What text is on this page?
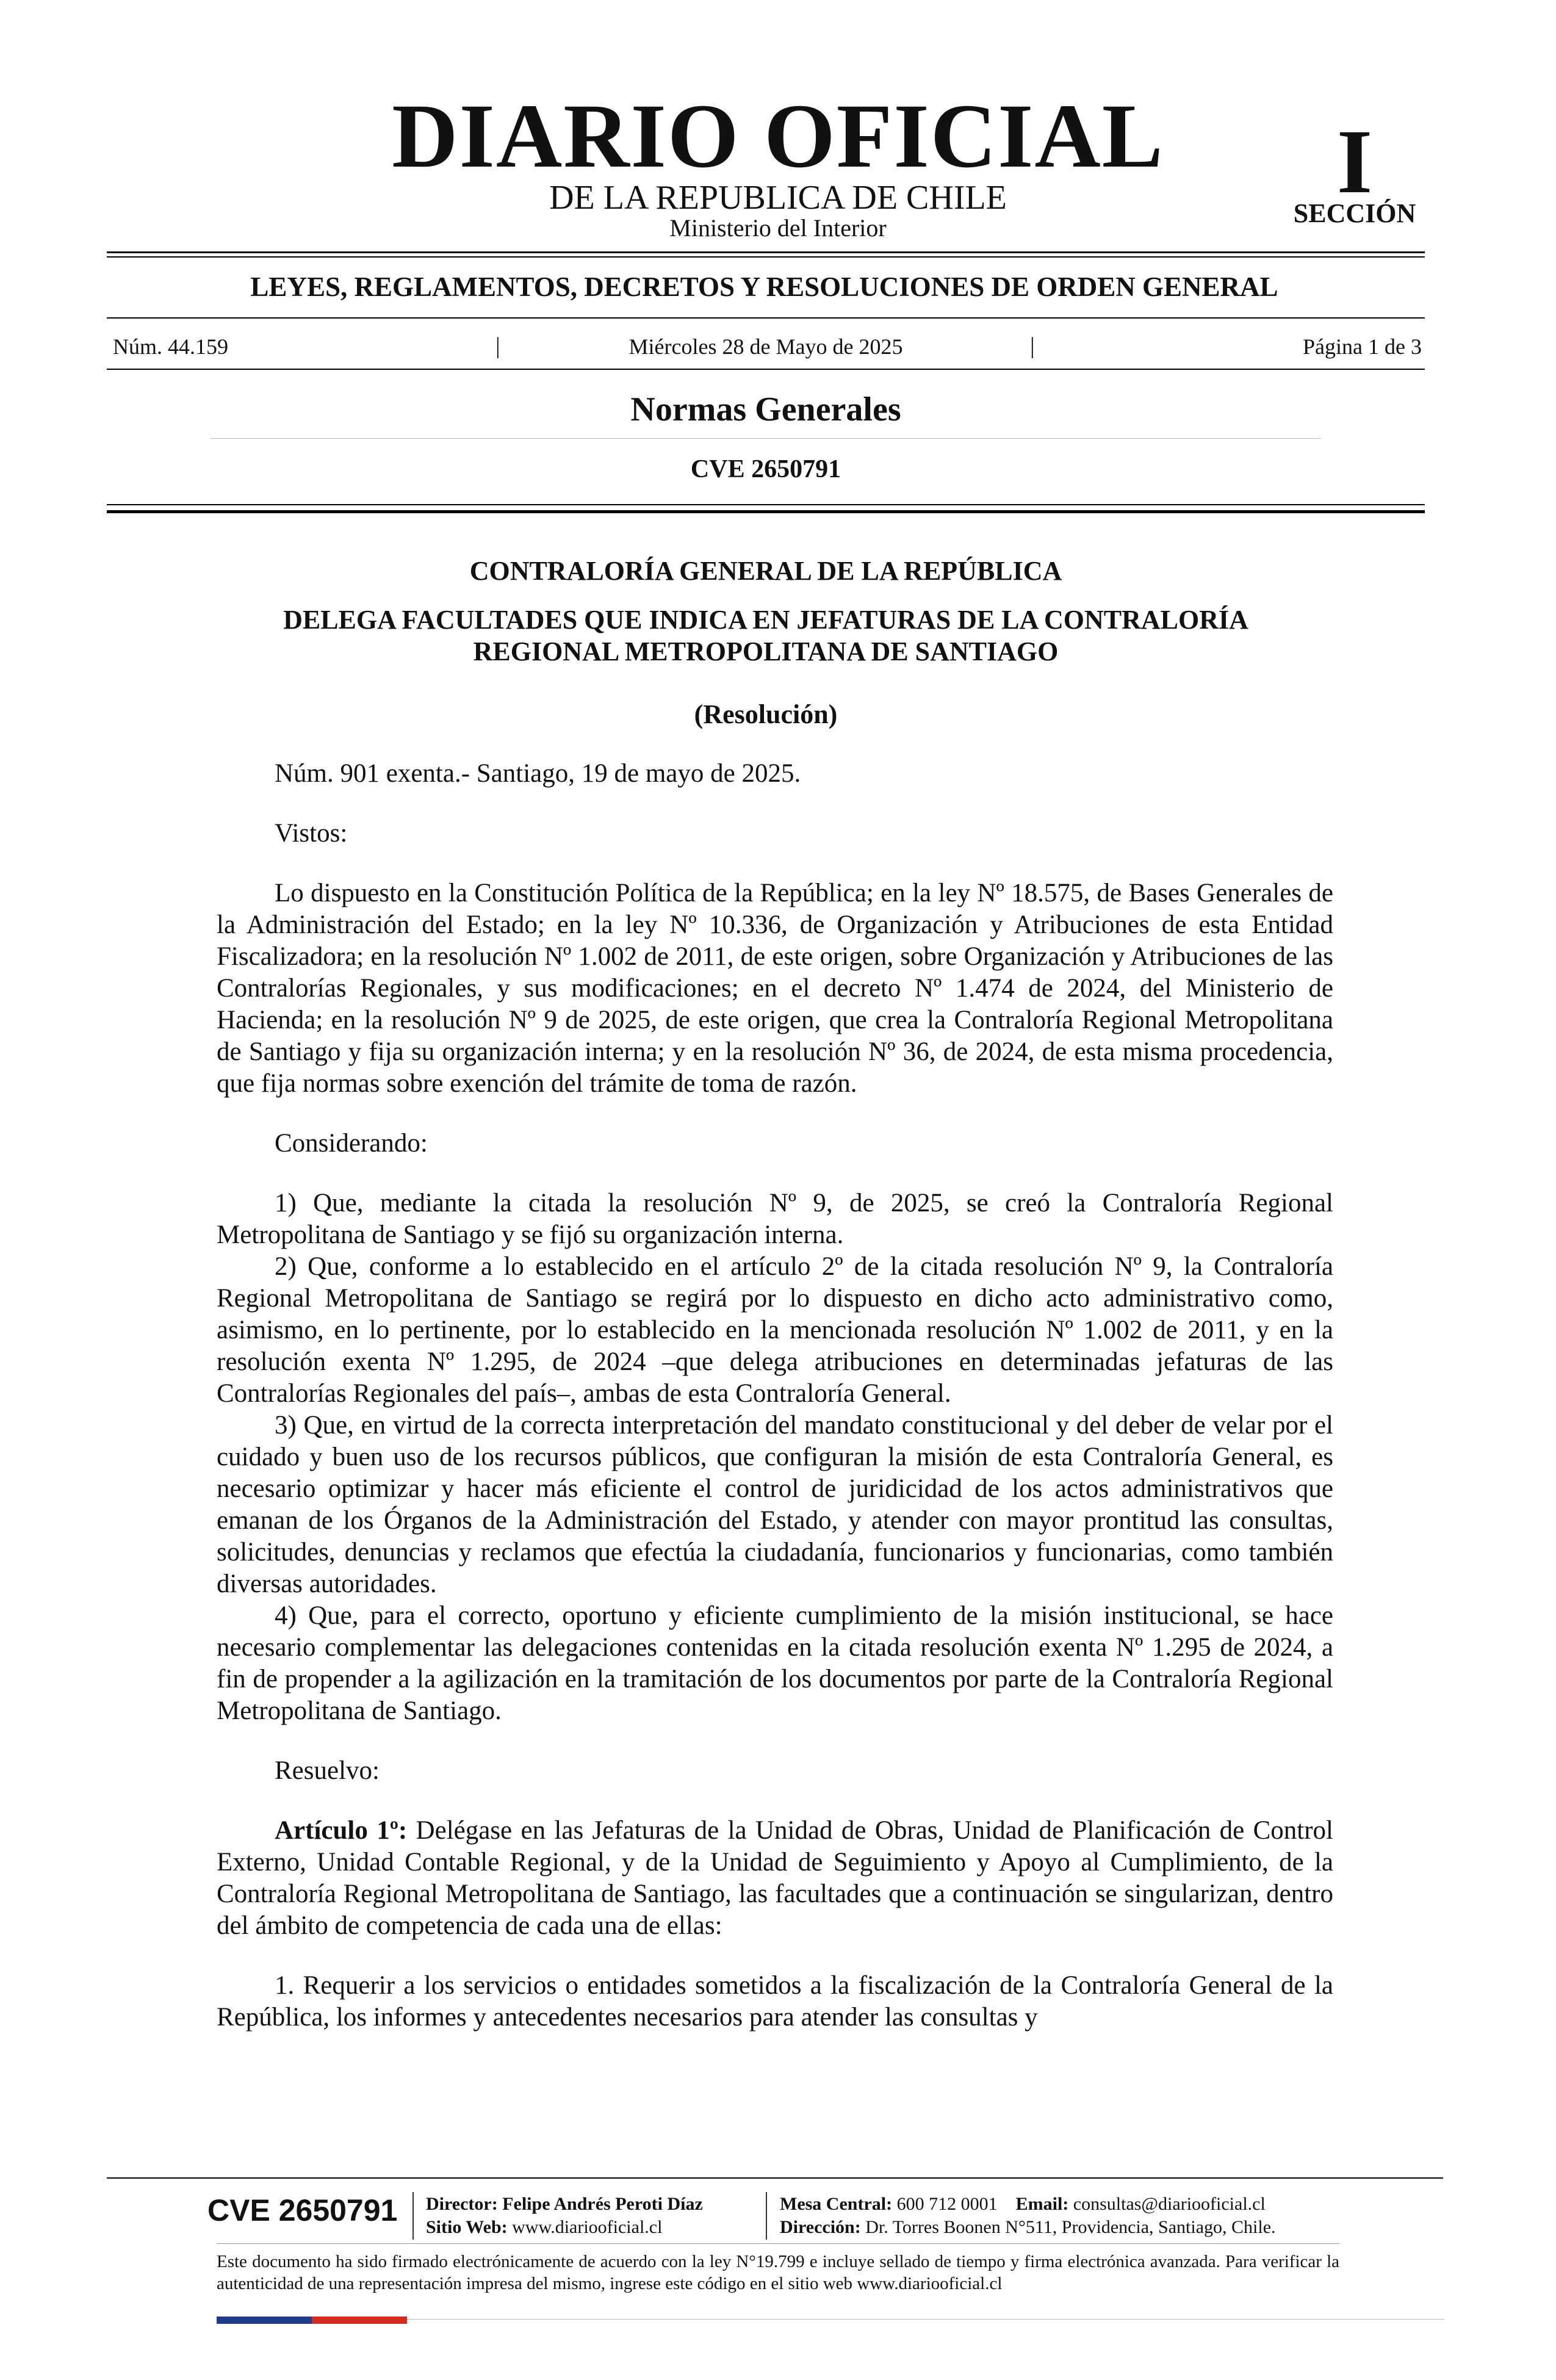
DIARIO OFICIAL
DE LA REPUBLICA DE CHILE
Ministerio del Interior
I
SECCIÓN
LEYES, REGLAMENTOS, DECRETOS Y RESOLUCIONES DE ORDEN GENERAL
Núm. 44.159	|	Miércoles 28 de Mayo de 2025	|	Página 1 de 3
Normas Generales
CVE 2650791
CONTRALORÍA GENERAL DE LA REPÚBLICA
DELEGA FACULTADES QUE INDICA EN JEFATURAS DE LA CONTRALORÍA REGIONAL METROPOLITANA DE SANTIAGO
(Resolución)

Núm. 901 exenta.- Santiago, 19 de mayo de 2025.

Vistos:

Lo dispuesto en la Constitución Política de la República; en la ley Nº 18.575, de Bases Generales de la Administración del Estado; en la ley Nº 10.336, de Organización y Atribuciones de esta Entidad Fiscalizadora; en la resolución Nº 1.002 de 2011, de este origen, sobre Organización y Atribuciones de las Contralorías Regionales, y sus modificaciones; en el decreto Nº 1.474 de 2024, del Ministerio de Hacienda; en la resolución Nº 9 de 2025, de este origen, que crea la Contraloría Regional Metropolitana de Santiago y fija su organización interna; y en la resolución Nº 36, de 2024, de esta misma procedencia, que fija normas sobre exención del trámite de toma de razón.

Considerando:

1) Que, mediante la citada la resolución Nº 9, de 2025, se creó la Contraloría Regional Metropolitana de Santiago y se fijó su organización interna.

2) Que, conforme a lo establecido en el artículo 2º de la citada resolución Nº 9, la Contraloría Regional Metropolitana de Santiago se regirá por lo dispuesto en dicho acto administrativo como, asimismo, en lo pertinente, por lo establecido en la mencionada resolución Nº 1.002 de 2011, y en la resolución exenta Nº 1.295, de 2024 –que delega atribuciones en determinadas jefaturas de las Contralorías Regionales del país–, ambas de esta Contraloría General.

3) Que, en virtud de la correcta interpretación del mandato constitucional y del deber de velar por el cuidado y buen uso de los recursos públicos, que configuran la misión de esta Contraloría General, es necesario optimizar y hacer más eficiente el control de juridicidad de los actos administrativos que emanan de los Órganos de la Administración del Estado, y atender con mayor prontitud las consultas, solicitudes, denuncias y reclamos que efectúa la ciudadanía, funcionarios y funcionarias, como también diversas autoridades.

4) Que, para el correcto, oportuno y eficiente cumplimiento de la misión institucional, se hace necesario complementar las delegaciones contenidas en la citada resolución exenta Nº 1.295 de 2024, a fin de propender a la agilización en la tramitación de los documentos por parte de la Contraloría Regional Metropolitana de Santiago.

Resuelvo:

Artículo 1º: Delégase en las Jefaturas de la Unidad de Obras, Unidad de Planificación de Control Externo, Unidad Contable Regional, y de la Unidad de Seguimiento y Apoyo al Cumplimiento, de la Contraloría Regional Metropolitana de Santiago, las facultades que a continuación se singularizan, dentro del ámbito de competencia de cada una de ellas:

1. Requerir a los servicios o entidades sometidos a la fiscalización de la Contraloría General de la República, los informes y antecedentes necesarios para atender las consultas y

CVE 2650791	Director: Felipe Andrés Peroti Díaz
Sitio Web: www.diariooficial.cl
Mesa Central: 600 712 0001 Email: consultas@diariooficial.cl
Dirección: Dr. Torres Boonen N°511, Providencia, Santiago, Chile.
Este documento ha sido firmado electrónicamente de acuerdo con la ley N°19.799 e incluye sellado de tiempo y firma electrónica avanzada. Para verificar la autenticidad de una representación impresa del mismo, ingrese este código en el sitio web www.diariooficial.cl
